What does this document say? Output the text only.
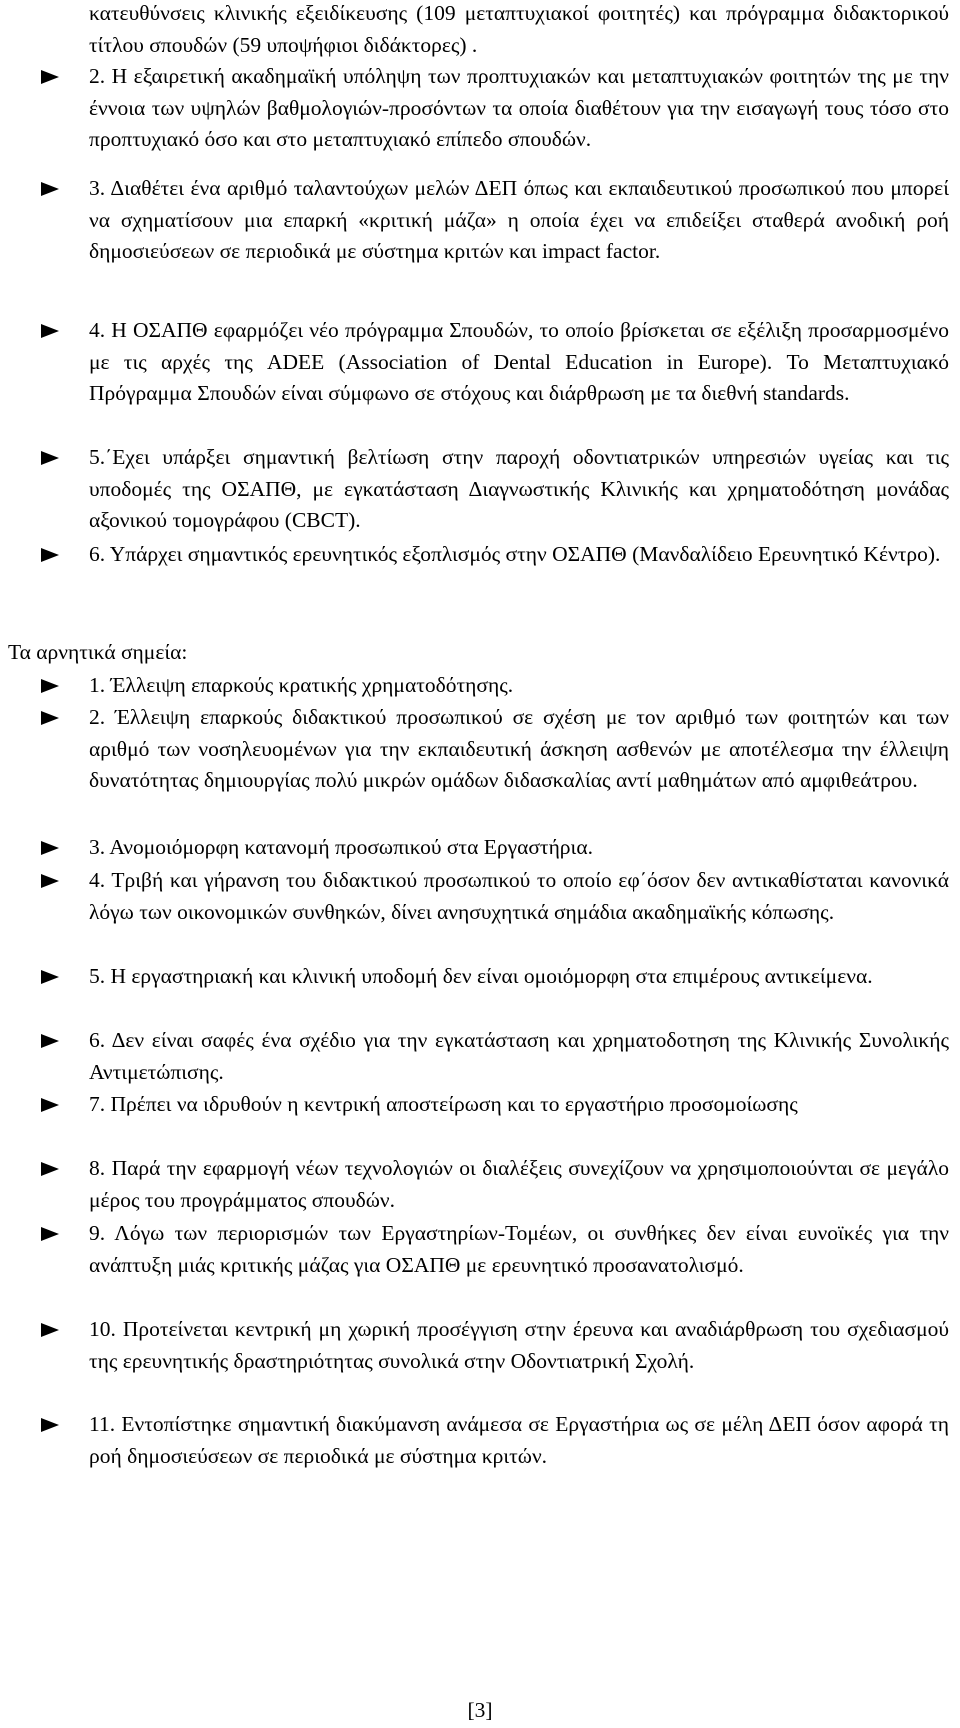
κατευθύνσεις κλινικής εξειδίκευσης (109 μεταπτυχιακοί φοιτητές) και πρόγραμμα διδακτορικού τίτλου σπουδών (59 υποψήφιοι διδάκτορες) .
2. Η εξαιρετική ακαδημαϊκή υπόληψη των προπτυχιακών και μεταπτυχιακών φοιτητών της με την έννοια των υψηλών βαθμολογιών-προσόντων τα οποία διαθέτουν για την εισαγωγή τους τόσο στο προπτυχιακό όσο και στο μεταπτυχιακό επίπεδο σπουδών.
3. Διαθέτει ένα αριθμό ταλαντούχων μελών ΔΕΠ όπως και εκπαιδευτικού προσωπικού που μπορεί να σχηματίσουν μια επαρκή «κριτική μάζα» η οποία έχει να επιδείξει σταθερά ανοδική ροή δημοσιεύσεων σε περιοδικά με σύστημα κριτών και impact factor.
4. Η ΟΣΑΠΘ εφαρμόζει νέο πρόγραμμα Σπουδών, το οποίο βρίσκεται σε εξέλιξη προσαρμοσμένο με τις αρχές της ADEE (Association of Dental Education in Europe). Το Μεταπτυχιακό Πρόγραμμα Σπουδών είναι σύμφωνο σε στόχους και διάρθρωση με τα διεθνή standards.
5.΄Εχει υπάρξει σημαντική βελτίωση στην παροχή οδοντιατρικών υπηρεσιών υγείας και τις υποδομές της ΟΣΑΠΘ, με εγκατάσταση Διαγνωστικής Κλινικής και χρηματοδότηση μονάδας αξονικού τομογράφου (CBCT).
6. Υπάρχει σημαντικός ερευνητικός εξοπλισμός στην ΟΣΑΠΘ (Μανδαλίδειο Ερευνητικό Κέντρο).
Τα αρνητικά σημεία:
1. Έλλειψη επαρκούς κρατικής χρηματοδότησης.
2. Έλλειψη επαρκούς διδακτικού προσωπικού σε σχέση με τον αριθμό των φοιτητών και των αριθμό των νοσηλευομένων για την εκπαιδευτική άσκηση ασθενών με αποτέλεσμα την έλλειψη δυνατότητας δημιουργίας πολύ μικρών ομάδων διδασκαλίας αντί μαθημάτων από αμφιθεάτρου.
3. Ανομοιόμορφη κατανομή προσωπικού στα Εργαστήρια.
4. Τριβή και γήρανση του διδακτικού προσωπικού το οποίο εφ΄όσον δεν αντικαθίσταται κανονικά λόγω των οικονομικών συνθηκών, δίνει ανησυχητικά σημάδια ακαδημαϊκής κόπωσης.
5. Η εργαστηριακή και κλινική υποδομή δεν είναι ομοιόμορφη στα επιμέρους αντικείμενα.
6. Δεν είναι σαφές ένα σχέδιο για την εγκατάσταση και χρηματοδοτηση της Κλινικής Συνολικής Αντιμετώπισης.
7. Πρέπει να ιδρυθούν η κεντρική αποστείρωση και το εργαστήριο προσομοίωσης
8. Παρά την εφαρμογή νέων τεχνολογιών οι διαλέξεις συνεχίζουν να χρησιμοποιούνται σε μεγάλο μέρος του προγράμματος σπουδών.
9. Λόγω των περιορισμών των Εργαστηρίων-Τομέων, οι συνθήκες δεν είναι ευνοϊκές για την ανάπτυξη μιάς κριτικής μάζας για ΟΣΑΠΘ με ερευνητικό προσανατολισμό.
10. Προτείνεται κεντρική μη χωρική προσέγγιση στην έρευνα και αναδιάρθρωση του σχεδιασμού της ερευνητικής δραστηριότητας συνολικά στην Οδοντιατρική Σχολή.
11. Εντοπίστηκε σημαντική διακύμανση ανάμεσα σε Εργαστήρια ως σε μέλη ΔΕΠ όσον αφορά τη ροή δημοσιεύσεων σε περιοδικά με σύστημα κριτών.
[3]
